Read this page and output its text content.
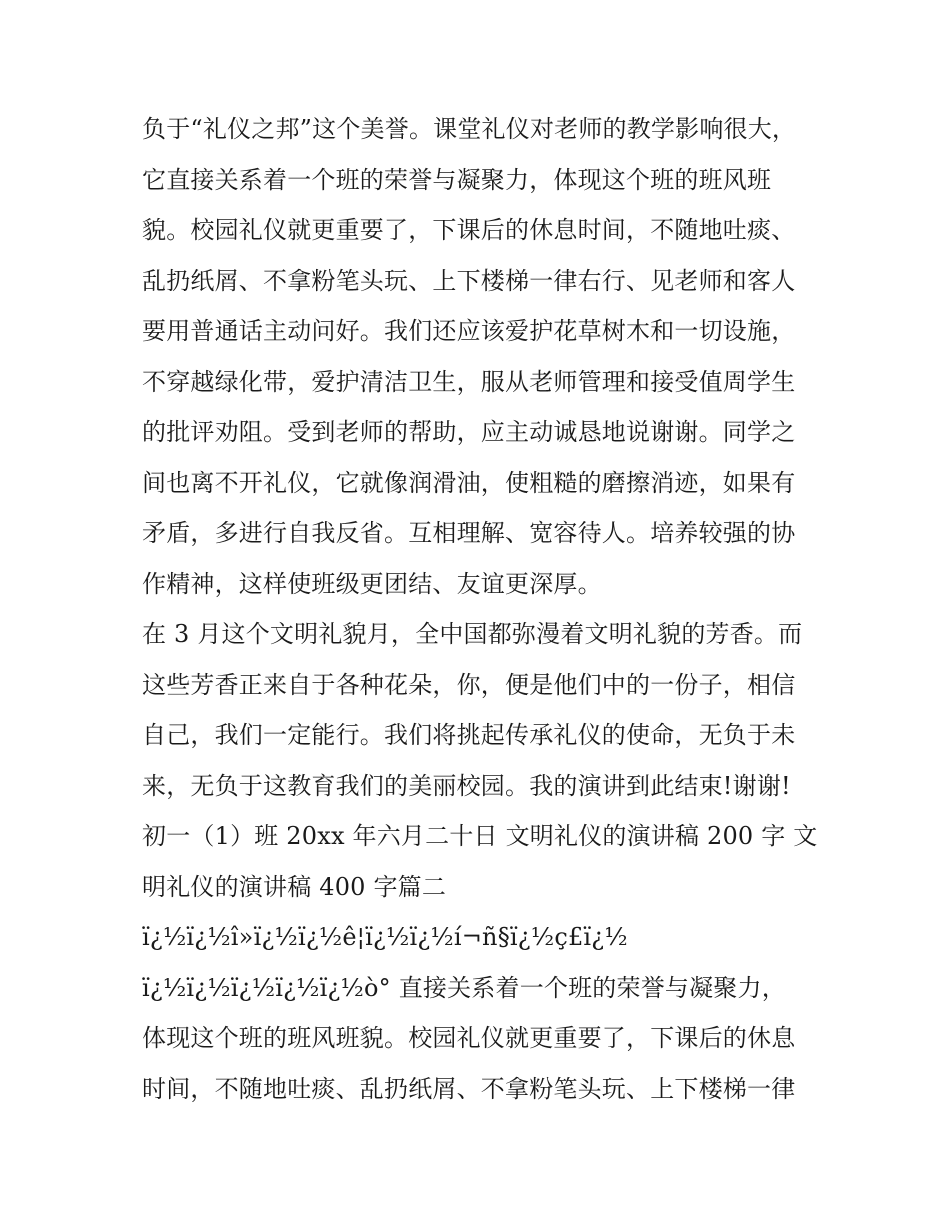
负于“礼仪之邦”这个美誉。课堂礼仪对老师的教学影响很大，
它直接关系着一个班的荣誉与凝聚力，体现这个班的班风班
貌。校园礼仪就更重要了，下课后的休息时间，不随地吐痰、
乱扔纸屑、不拿粉笔头玩、上下楼梯一律右行、见老师和客人
要用普通话主动问好。我们还应该爱护花草树木和一切设施，
不穿越绿化带，爱护清洁卫生，服从老师管理和接受值周学生
的批评劝阻。受到老师的帮助，应主动诚恳地说谢谢。同学之
间也离不开礼仪，它就像润滑油，使粗糙的磨擦消迹，如果有
矛盾，多进行自我反省。互相理解、宽容待人。培养较强的协
作精神，这样使班级更团结、友谊更深厚。
在 3 月这个文明礼貌月，全中国都弥漫着文明礼貌的芳香。而
这些芳香正来自于各种花朵，你，便是他们中的一份子，相信
自己，我们一定能行。我们将挑起传承礼仪的使命，无负于未
来，无负于这教育我们的美丽校园。我的演讲到此结束!谢谢!
初一（1）班 20xx 年六月二十日 文明礼仪的演讲稿 200 字 文
明礼仪的演讲稿 400 字篇二
ï¿½ï¿½î»ï¿½ï¿½ê¦ï¿½ï¿½í¬ñ§ï¿½ç£ï¿½
ï¿½ï¿½ï¿½ï¿½ï¿½ò° 直接关系着一个班的荣誉与凝聚力，
体现这个班的班风班貌。校园礼仪就更重要了，下课后的休息
时间，不随地吐痰、乱扔纸屑、不拿粉笔头玩、上下楼梯一律
